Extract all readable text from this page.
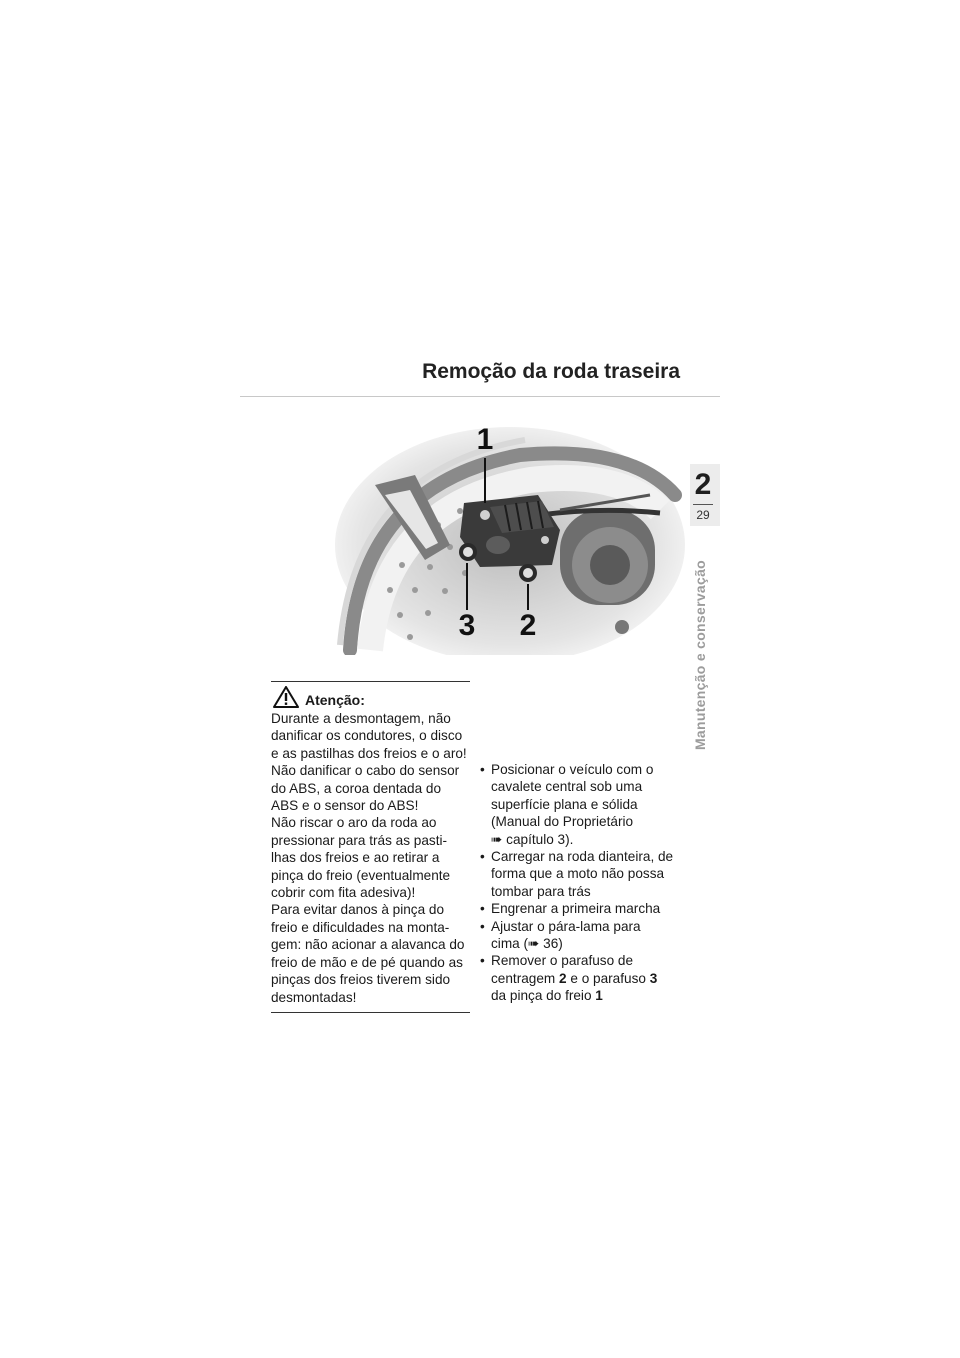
Remoção da roda traseira
2
29
Manutenção e conservação
1
3 2
Atenção:
Durante a desmontagem, não
danificar os condutores, o disco
e as pastilhas dos freios e o aro!
Não danificar o cabo do sensor
do ABS, a coroa dentada do
ABS e o sensor do ABS!
Não riscar o aro da roda ao
pressionar para trás as pasti-
lhas dos freios e ao retirar a
pinça do freio (eventualmente
cobrir com fita adesiva)!
Para evitar danos à pinça do
freio e dificuldades na monta-
gem: não acionar a alavanca do
freio de mão e de pé quando as
pinças dos freios tiverem sido
desmontadas!
• Posicionar o veículo com o
cavalete central sob uma
superfície plana e sólida
(Manual do Proprietário
➠ capítulo 3).
• Carregar na roda dianteira, de
forma que a moto não possa
tombar para trás
• Engrenar a primeira marcha
• Ajustar o pára-lama para
cima (➠ 36)
• Remover o parafuso de
centragem 2 e o parafuso 3
da pinça do freio 1
